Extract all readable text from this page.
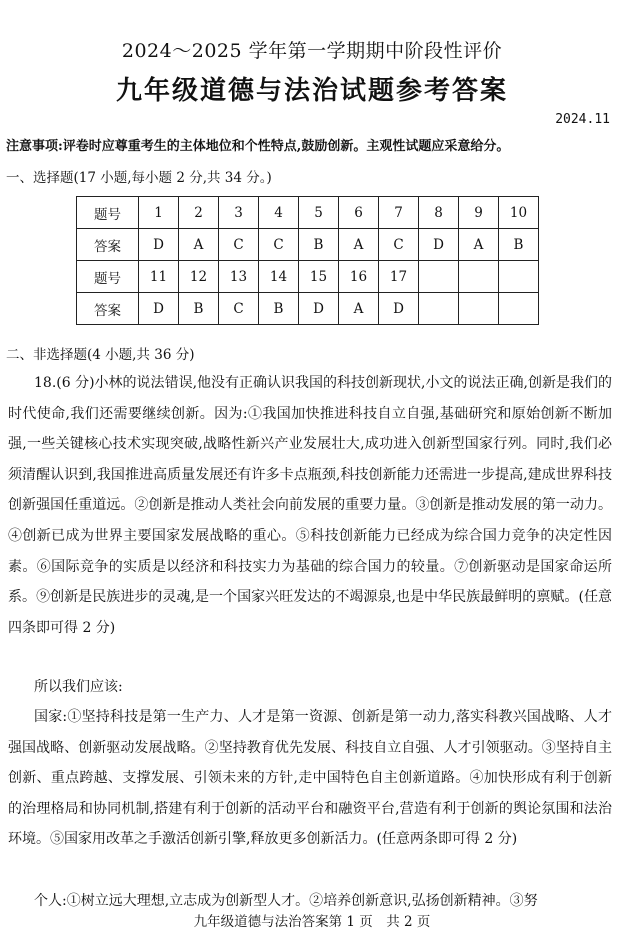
2024～2025 学年第一学期期中阶段性评价
九年级道德与法治试题参考答案
2024.11
注意事项:评卷时应尊重考生的主体地位和个性特点,鼓励创新。主观性试题应采意给分。
一、选择题(17 小题,每小题 2 分,共 34 分。)
题号	1	2	3	4	5	6	7	8	9	10
答案	D	A	C	C	B	A	C	D	A	B
题号	11	12	13	14	15	16	17			
答案	D	B	C	B	D	A	D			
二、非选择题(4 小题,共 36 分)
18.(6 分)小林的说法错误,他没有正确认识我国的科技创新现状,小文的说法正确,创新是我们的时代使命,我们还需要继续创新。因为:①我国加快推进科技自立自强,基础研究和原始创新不断加强,一些关键核心技术实现突破,战略性新兴产业发展壮大,成功进入创新型国家行列。同时,我们必须清醒认识到,我国推进高质量发展还有许多卡点瓶颈,科技创新能力还需进一步提高,建成世界科技创新强国任重道远。②创新是推动人类社会向前发展的重要力量。③创新是推动发展的第一动力。④创新已成为世界主要国家发展战略的重心。⑤科技创新能力已经成为综合国力竞争的决定性因素。⑥国际竞争的实质是以经济和科技实力为基础的综合国力的较量。⑦创新驱动是国家命运所系。⑨创新是民族进步的灵魂,是一个国家兴旺发达的不竭源泉,也是中华民族最鲜明的禀赋。(任意四条即可得 2 分)
所以我们应该:
国家:①坚持科技是第一生产力、人才是第一资源、创新是第一动力,落实科教兴国战略、人才强国战略、创新驱动发展战略。②坚持教育优先发展、科技自立自强、人才引领驱动。③坚持自主创新、重点跨越、支撑发展、引领未来的方针,走中国特色自主创新道路。④加快形成有利于创新的治理格局和协同机制,搭建有利于创新的活动平台和融资平台,营造有利于创新的舆论氛围和法治环境。⑤国家用改革之手激活创新引擎,释放更多创新活力。(任意两条即可得 2 分)
个人:①树立远大理想,立志成为创新型人才。②培养创新意识,弘扬创新精神。③努
九年级道德与法治答案第 1 页　共 2 页
